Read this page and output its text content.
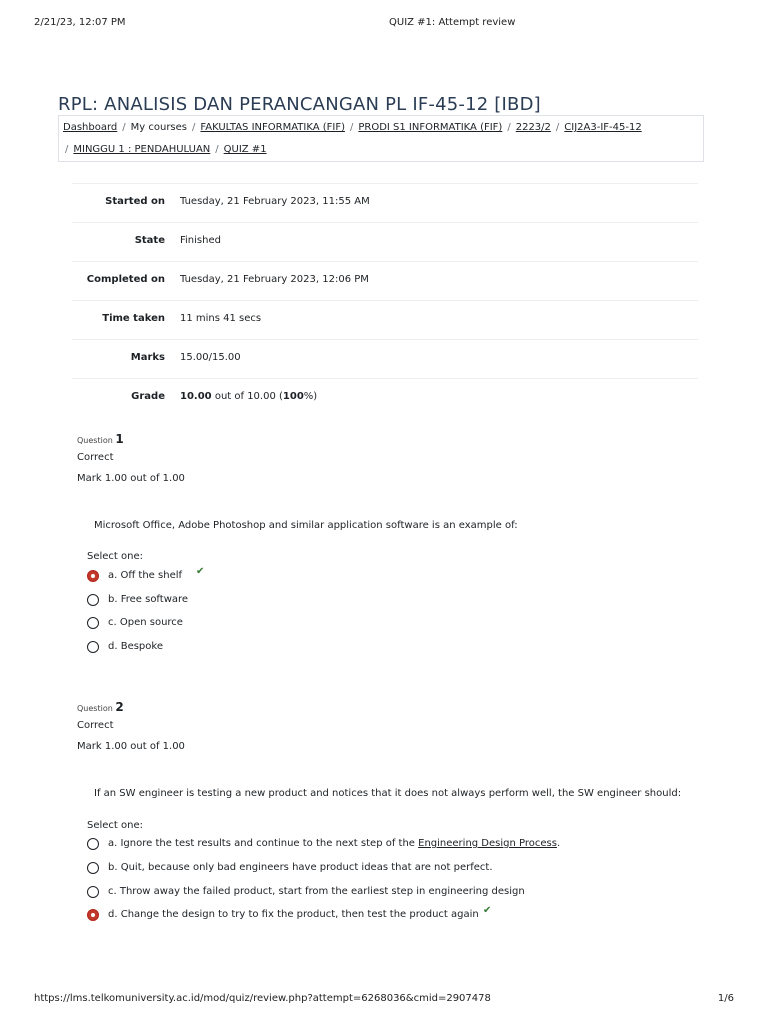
2/21/23, 12:07 PM	QUIZ #1: Attempt review
RPL: ANALISIS DAN PERANCANGAN PL IF-45-12 [IBD]
Dashboard / My courses / FAKULTAS INFORMATIKA (FIF) / PRODI S1 INFORMATIKA (FIF) / 2223/2 / CIJ2A3-IF-45-12
/ MINGGU 1 : PENDAHULUAN / QUIZ #1
Started on Tuesday, 21 February 2023, 11:55 AM
State Finished
Completed on Tuesday, 21 February 2023, 12:06 PM
Time taken 11 mins 41 secs
Marks 15.00/15.00
Grade 10.00 out of 10.00 (100%)
Question 1
Correct
Mark 1.00 out of 1.00
Microsoft Office, Adobe Photoshop and similar application software is an example of:
Select one:
a. Off the shelf ✔
b. Free software
c. Open source
d. Bespoke
Question 2
Correct
Mark 1.00 out of 1.00
If an SW engineer is testing a new product and notices that it does not always perform well, the SW engineer should:
Select one:
a. Ignore the test results and continue to the next step of the Engineering Design Process.
b. Quit, because only bad engineers have product ideas that are not perfect.
c. Throw away the failed product, start from the earliest step in engineering design
d. Change the design to try to fix the product, then test the product again ✔
https://lms.telkomuniversity.ac.id/mod/quiz/review.php?attempt=6268036&cmid=2907478	1/6
